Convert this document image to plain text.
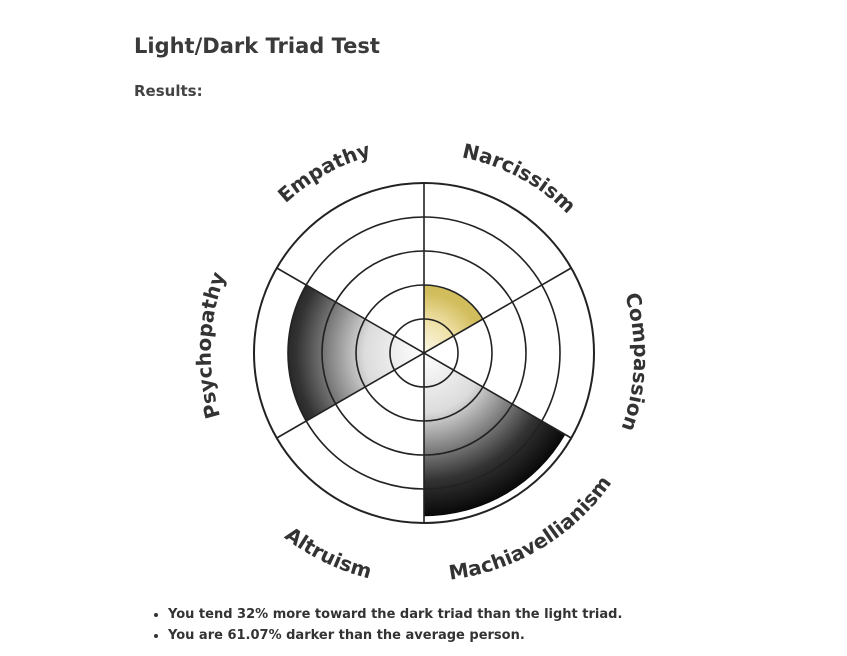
Light/Dark Triad Test
Results:
Narcissism
Compassion
Machiavellianism
Altruism
Psychopathy
Empathy
• You tend 32% more toward the dark triad than the light triad.
• You are 61.07% darker than the average person.
